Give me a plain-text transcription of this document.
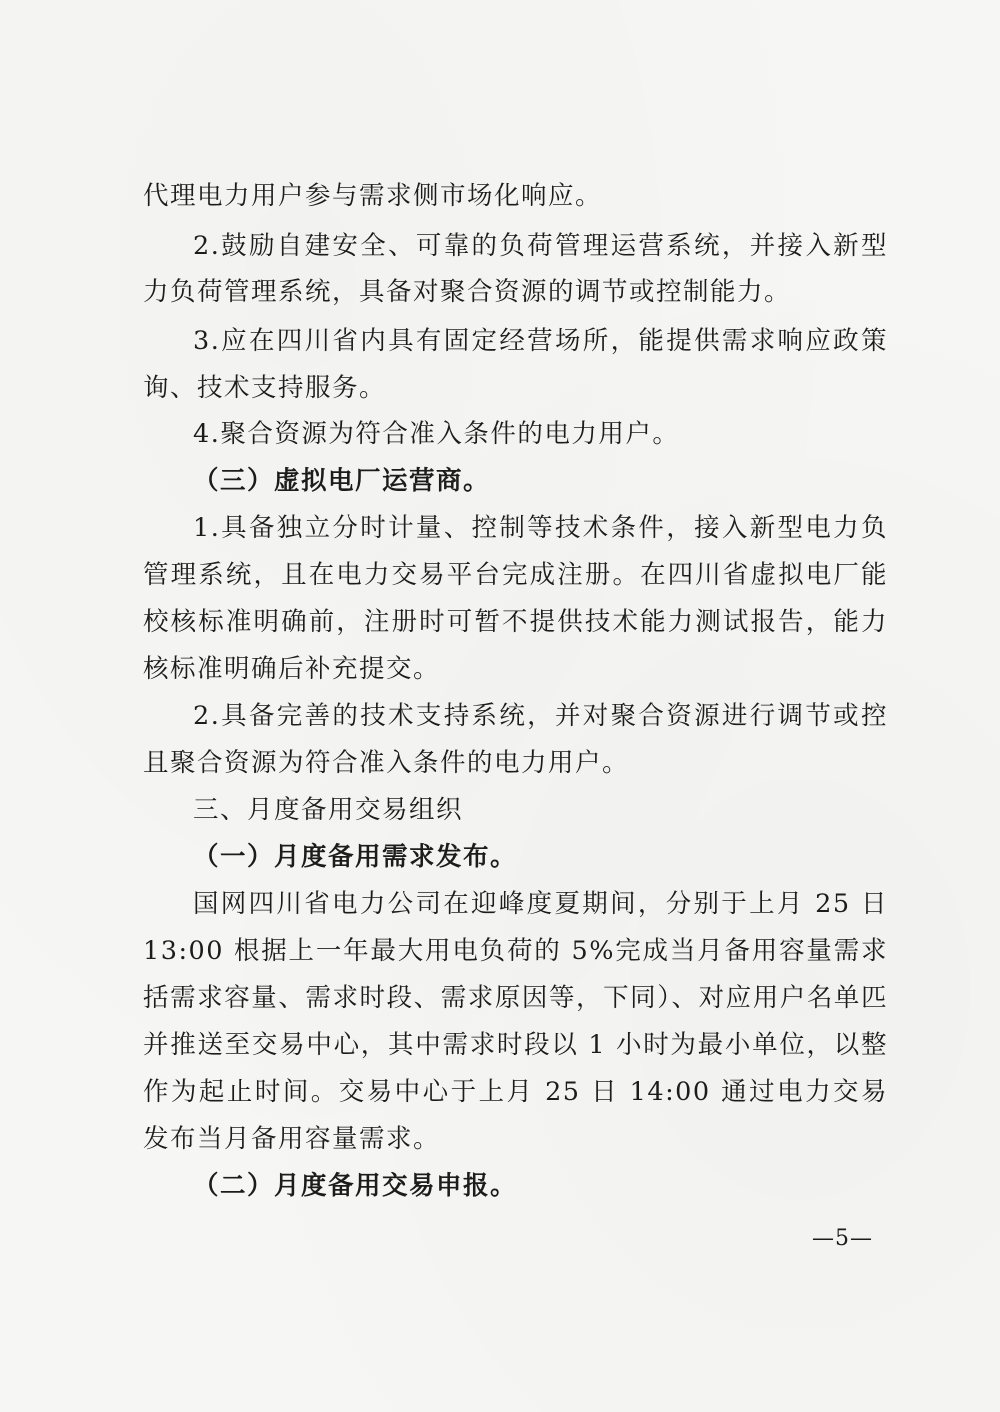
代理电力用户参与需求侧市场化响应。
2.鼓励自建安全、可靠的负荷管理运营系统，并接入新型
力负荷管理系统，具备对聚合资源的调节或控制能力。
3.应在四川省内具有固定经营场所，能提供需求响应政策
询、技术支持服务。
4.聚合资源为符合准入条件的电力用户。
（三）虚拟电厂运营商。
1.具备独立分时计量、控制等技术条件，接入新型电力负
管理系统，且在电力交易平台完成注册。在四川省虚拟电厂能
校核标准明确前，注册时可暂不提供技术能力测试报告，能力
核标准明确后补充提交。
2.具备完善的技术支持系统，并对聚合资源进行调节或控
且聚合资源为符合准入条件的电力用户。
三、月度备用交易组织
（一）月度备用需求发布。
国网四川省电力公司在迎峰度夏期间，分别于上月 25 日
13:00 根据上一年最大用电负荷的 5%完成当月备用容量需求
括需求容量、需求时段、需求原因等，下同）、对应用户名单匹
并推送至交易中心，其中需求时段以 1 小时为最小单位，以整
作为起止时间。交易中心于上月 25 日 14:00 通过电力交易
发布当月备用容量需求。
（二）月度备用交易申报。
—5—
